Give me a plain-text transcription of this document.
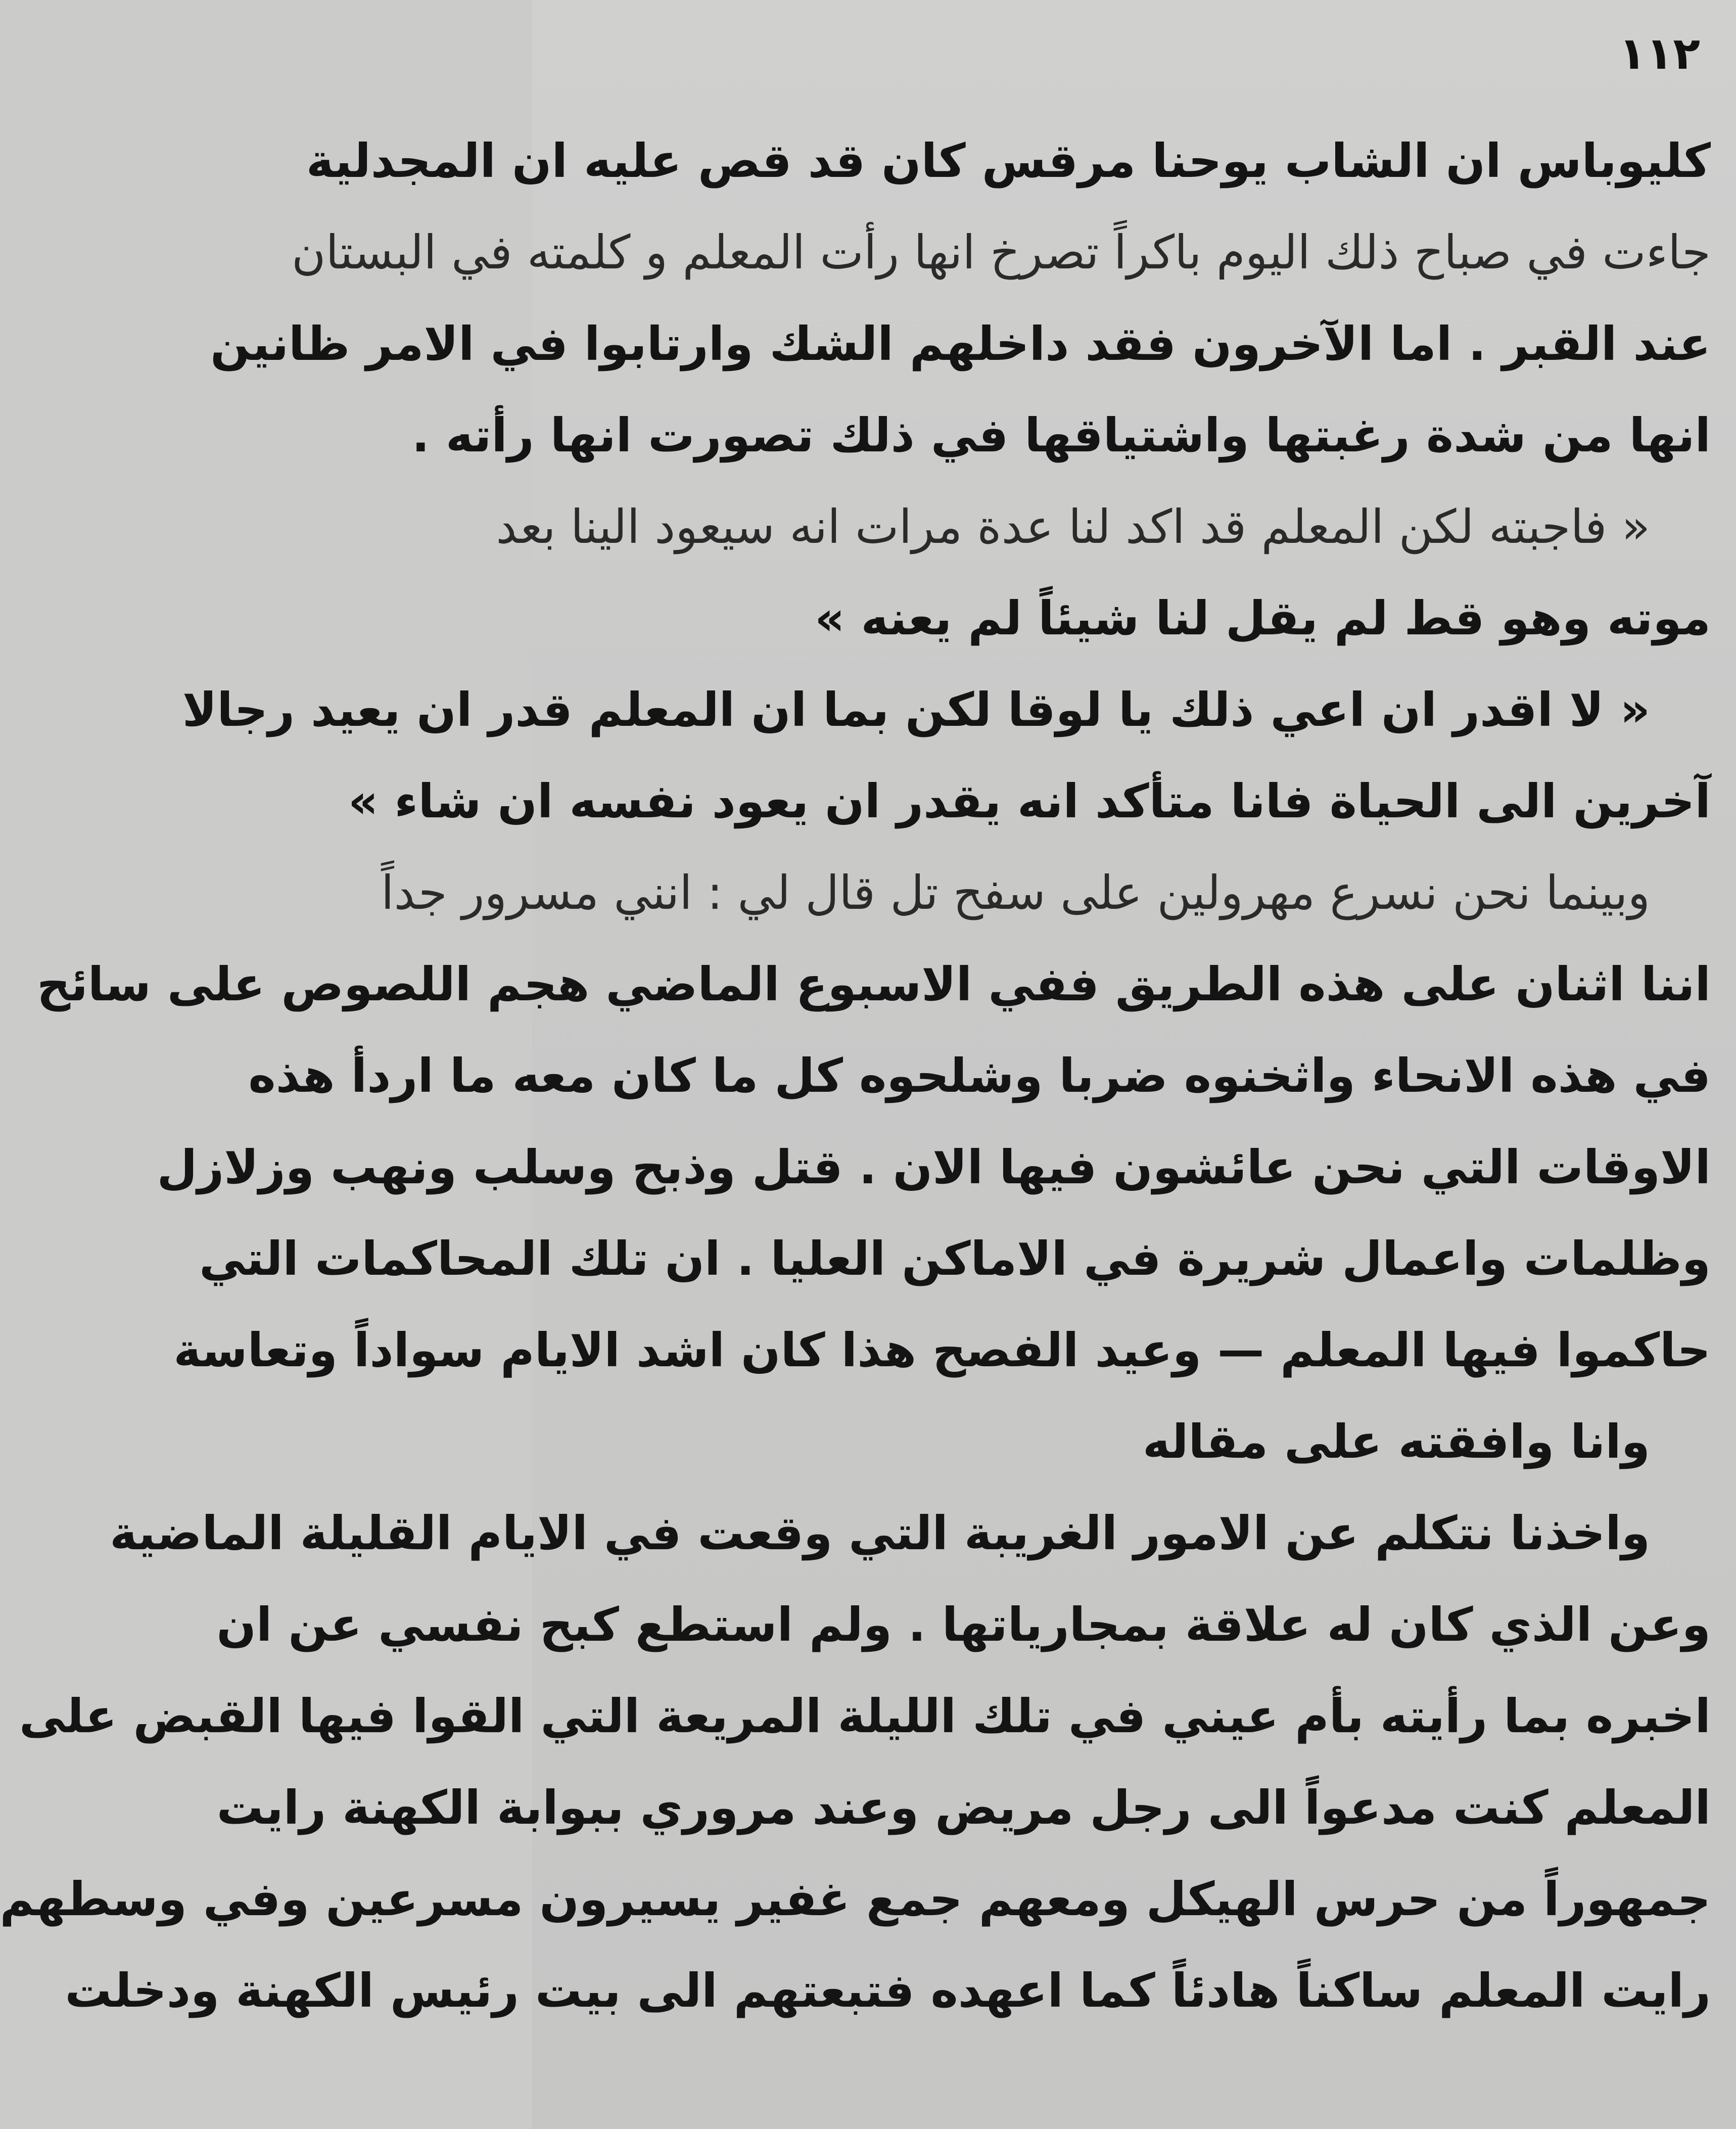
١١٢
كليوباس ان الشاب يوحنا مرقس كان قد قص عليه ان المجدلية
جاءت في صباح ذلك اليوم باكراً تصرخ انها رأت المعلم و كلمته في البستان
عند القبر . اما الآخرون فقد داخلهم الشك وارتابوا في الامر ظانين
انها من شدة رغبتها واشتياقها في ذلك تصورت انها رأته .
« فاجبته لكن المعلم قد اكد لنا عدة مرات انه سيعود الينا بعد
موته وهو قط لم يقل لنا شيئاً لم يعنه »
« لا اقدر ان اعي ذلك يا لوقا لكن بما ان المعلم قدر ان يعيد رجالا
آخرين الى الحياة فانا متأكد انه يقدر ان يعود نفسه ان شاء »
وبينما نحن نسرع مهرولين على سفح تل قال لي : انني مسرور جداً
اننا اثنان على هذه الطريق ففي الاسبوع الماضي هجم اللصوص على سائح
في هذه الانحاء واثخنوه ضربا وشلحوه كل ما كان معه ما اردأ هذه
الاوقات التي نحن عائشون فيها الان . قتل وذبح وسلب ونهب وزلازل
وظلمات واعمال شريرة في الاماكن العليا . ان تلك المحاكمات التي
حاكموا فيها المعلم — وعيد الفصح هذا كان اشد الايام سواداً وتعاسة
وانا وافقته على مقاله
واخذنا نتكلم عن الامور الغريبة التي وقعت في الايام القليلة الماضية
وعن الذي كان له علاقة بمجارياتها . ولم استطع كبح نفسي عن ان
اخبره بما رأيته بأم عيني في تلك الليلة المريعة التي القوا فيها القبض على
المعلم كنت مدعواً الى رجل مريض وعند مروري ببوابة الكهنة رايت
جمهوراً من حرس الهيكل ومعهم جمع غفير يسيرون مسرعين وفي وسطهم
رايت المعلم ساكناً هادئاً كما اعهده فتبعتهم الى بيت رئيس الكهنة ودخلت
